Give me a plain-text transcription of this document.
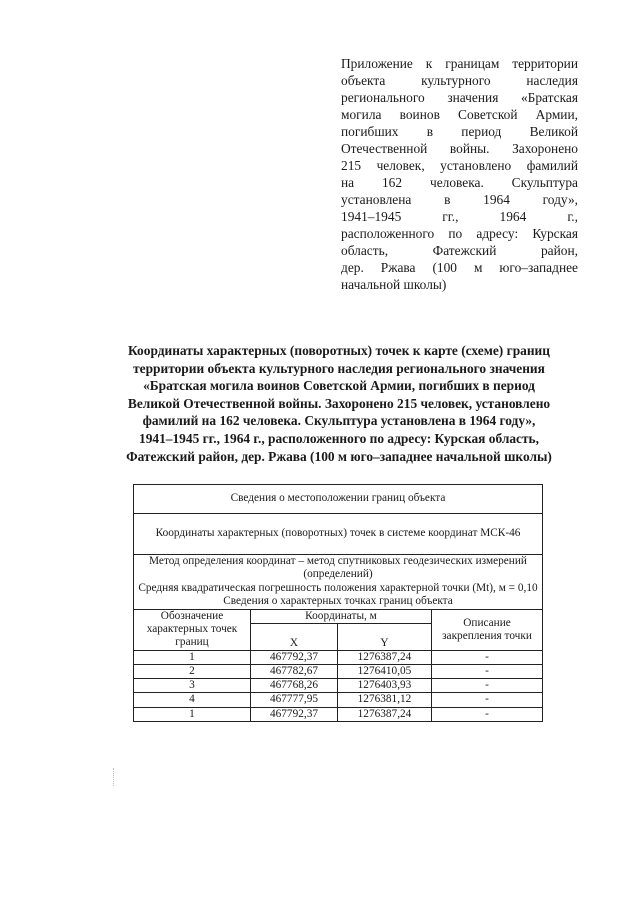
Приложение к границам территории
объекта культурного наследия
регионального значения «Братская
могила воинов Советской Армии,
погибших в период Великой
Отечественной войны. Захоронено
215 человек, установлено фамилий
на 162 человека. Скульптура
установлена в 1964 году»,
1941–1945 гг., 1964 г.,
расположенного по адресу: Курская
область, Фатежский район,
дер. Ржава (100 м юго–западнее
начальной школы)
Координаты характерных (поворотных) точек к карте (схеме) границ
территории объекта культурного наследия регионального значения
«Братская могила воинов Советской Армии, погибших в период
Великой Отечественной войны. Захоронено 215 человек, установлено
фамилий на 162 человека. Скульптура установлена в 1964 году»,
1941–1945 гг., 1964 г., расположенного по адресу: Курская область,
Фатежский район, дер. Ржава (100 м юго–западнее начальной школы)
Сведения о местоположении границ объекта			
Координаты характерных (поворотных) точек в системе координат МСК-46			

Метод определения координат – метод спутниковых геодезических измерений (определений)
Средняя квадратическая погрешность положения характерной точки (Mt), м = 0,10
Сведения о характерных точках границ объекта			

Обозначение характерных точек границ	Координаты, м		Описание закрепления точки
	X	Y	
1	467792,37	1276387,24	-
2	467782,67	1276410,05	-
3	467768,26	1276403,93	-
4	467777,95	1276381,12	-
1	467792,37	1276387,24	-
